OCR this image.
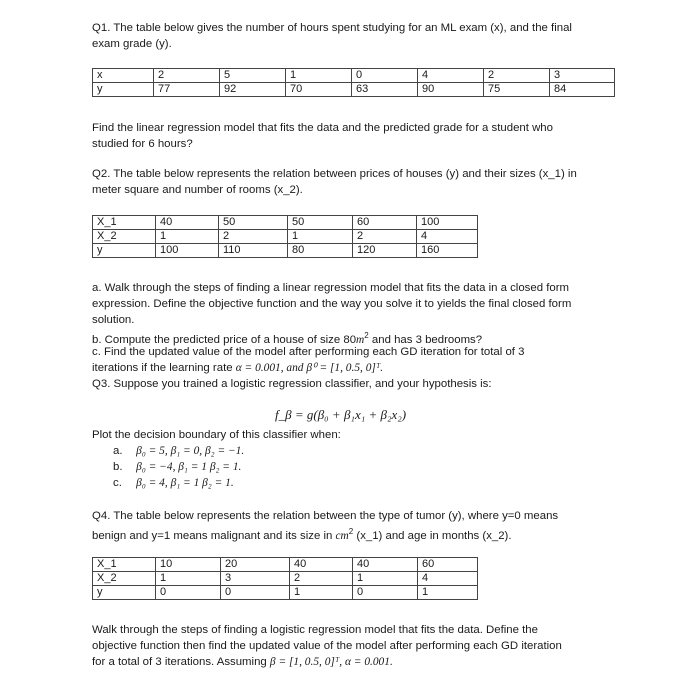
Q1. The table below gives the number of hours spent studying for an ML exam (x), and the final
exam grade (y).
x	2	5	1	0	4	2	3
y	77	92	70	63	90	75	84
Find the linear regression model that fits the data and the predicted grade for a student who
studied for 6 hours?
Q2. The table below represents the relation between prices of houses (y) and their sizes (x_1) in
meter square and number of rooms (x_2).
X_1	40	50	50	60	100
X_2	1	2	1	2	4
y	100	110	80	120	160
a. Walk through the steps of finding a linear regression model that fits the data in a closed form
expression. Define the objective function and the way you solve it to yields the final closed form
solution.
b. Compute the predicted price of a house of size $80m^2$ and has 3 bedrooms?
c. Find the updated value of the model after performing each GD iteration for total of 3
iterations if the learning rate α = 0.001, and β⁰ = [1, 0.5, 0]ᵀ.
Q3. Suppose you trained a logistic regression classifier, and your hypothesis is:
f_β = g(β₀ + β₁x₁ + β₂x₂)
Plot the decision boundary of this classifier when:
a. β₀ = 5, β₁ = 0, β₂ = −1.
b. β₀ = −4, β₁ = 1 β₂ = 1.
c. β₀ = 4, β₁ = 1 β₂ = 1.
Q4. The table below represents the relation between the type of tumor (y), where y=0 means
benign and y=1 means malignant and its size in $cm^2$ (x_1) and age in months (x_2).
X_1	10	20	40	40	60
X_2	1	3	2	1	4
y	0	0	1	0	1
Walk through the steps of finding a logistic regression model that fits the data. Define the
objective function then find the updated value of the model after performing each GD iteration
for a total of 3 iterations. Assuming β = [1, 0.5, 0]ᵀ, α = 0.001.
